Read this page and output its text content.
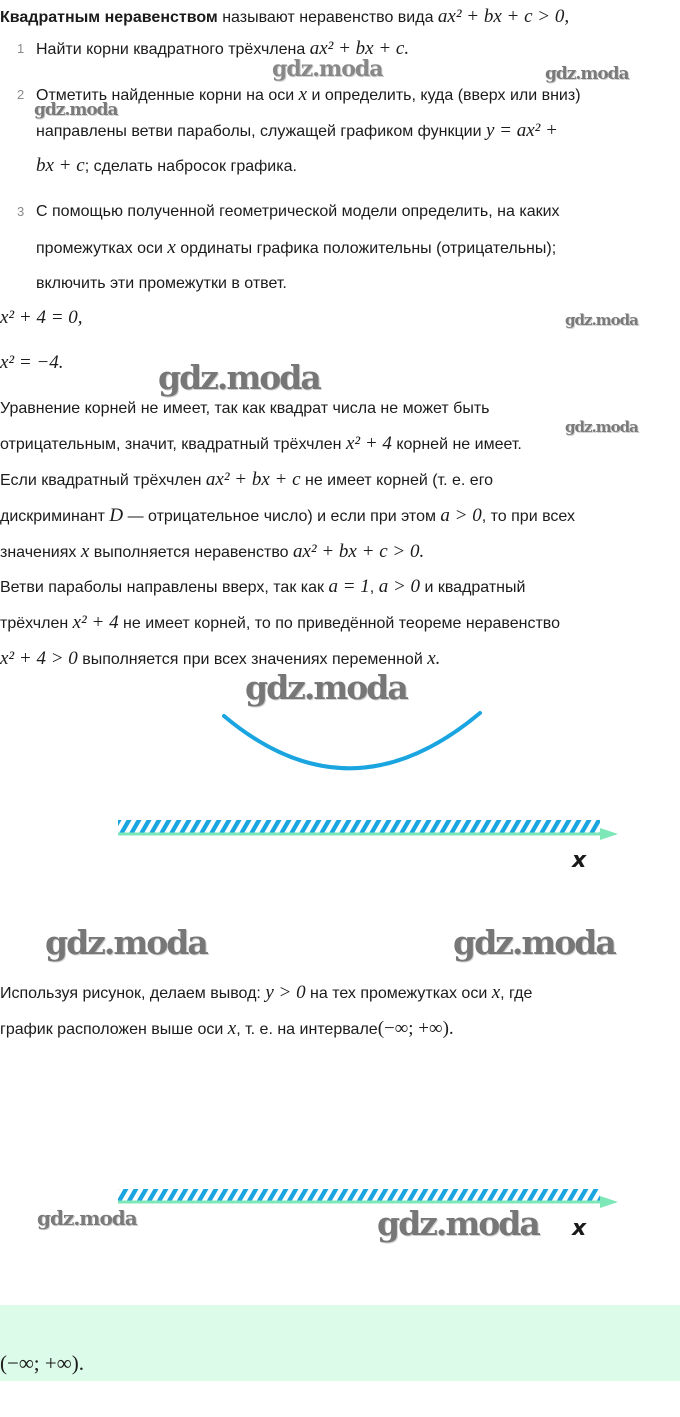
Квадратным неравенством называют неравенство вида ax² + bx + c > 0,
1 Найти корни квадратного трёхчлена ax² + bx + c.
2 Отметить найденные корни на оси x и определить, куда (вверх или вниз)
направлены ветви параболы, служащей графиком функции y = ax² +
bx + c; сделать набросок графика.
3 С помощью полученной геометрической модели определить, на каких
промежутках оси x ординаты графика положительны (отрицательны);
включить эти промежутки в ответ.
x² + 4 = 0,
x² = −4.
Уравнение корней не имеет, так как квадрат числа не может быть
отрицательным, значит, квадратный трёхчлен x² + 4 корней не имеет.
Если квадратный трёхчлен ax² + bx + c не имеет корней (т. е. его
дискриминант D — отрицательное число) и если при этом a > 0, то при всех
значениях x выполняется неравенство ax² + bx + c > 0.
Ветви параболы направлены вверх, так как a = 1, a > 0 и квадратный
трёхчлен x² + 4 не имеет корней, то по приведённой теореме неравенство
x² + 4 > 0 выполняется при всех значениях переменной x.
x
x
Используя рисунок, делаем вывод: y > 0 на тех промежутках оси x, где
график расположен выше оси x, т. е. на интервале(−∞; +∞).
(−∞; +∞).
gdz.moda	gdz.moda
gdz.moda
gdz.moda
gdz.moda
gdz.moda
gdz.moda
gdz.moda	gdz.moda
gdz.moda	gdz.moda
